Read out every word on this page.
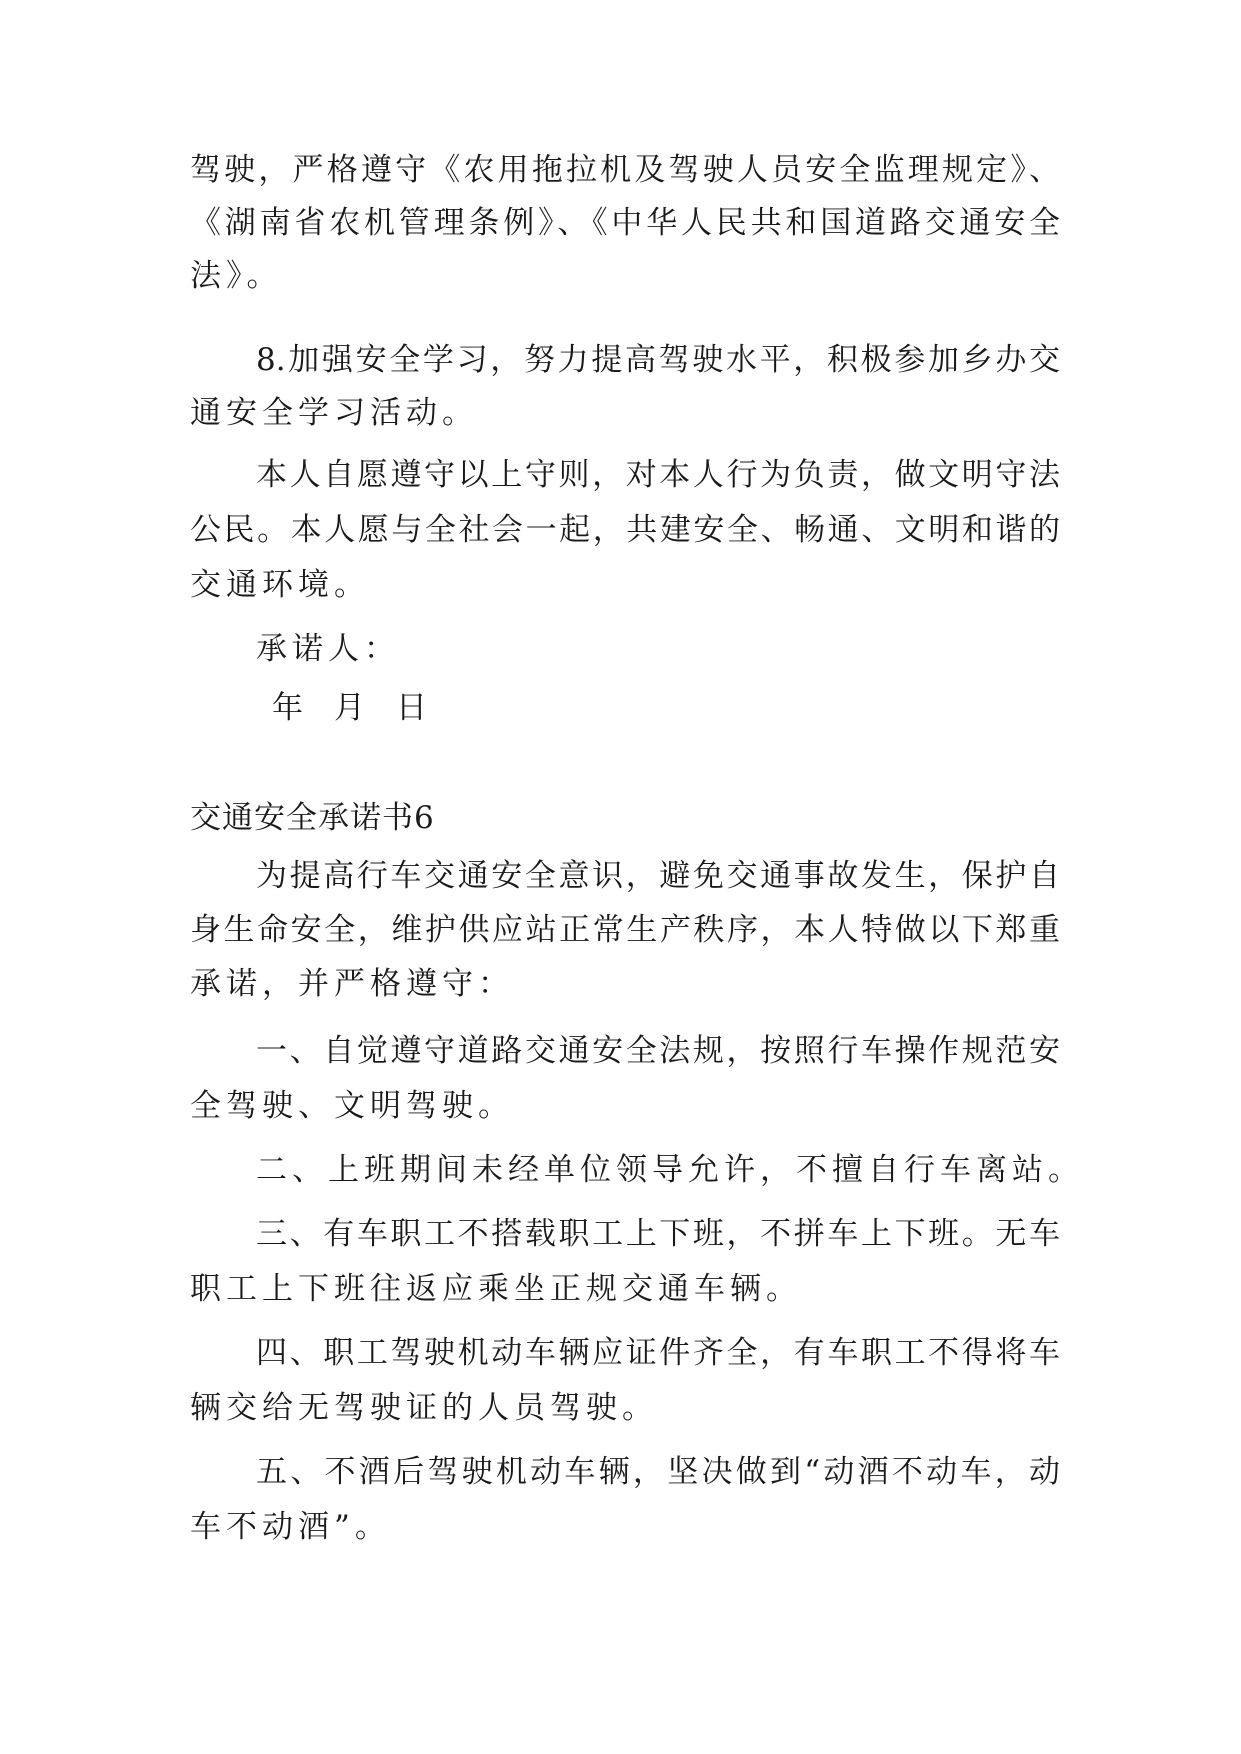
驾驶，严格遵守《农用拖拉机及驾驶人员安全监理规定》、
《湖南省农机管理条例》、《中华人民共和国道路交通安全
法》。
8.加强安全学习，努力提高驾驶水平，积极参加乡办交
通安全学习活动。
本人自愿遵守以上守则，对本人行为负责，做文明守法
公民。本人愿与全社会一起，共建安全、畅通、文明和谐的
交通环境。
承诺人：
年 月 日
交通安全承诺书6
为提高行车交通安全意识，避免交通事故发生，保护自
身生命安全，维护供应站正常生产秩序，本人特做以下郑重
承诺，并严格遵守：
一、自觉遵守道路交通安全法规，按照行车操作规范安
全驾驶、文明驾驶。
二、上班期间未经单位领导允许，不擅自行车离站。
三、有车职工不搭载职工上下班，不拼车上下班。无车
职工上下班往返应乘坐正规交通车辆。
四、职工驾驶机动车辆应证件齐全，有车职工不得将车
辆交给无驾驶证的人员驾驶。
五、不酒后驾驶机动车辆，坚决做到“动酒不动车，动
车不动酒”。
